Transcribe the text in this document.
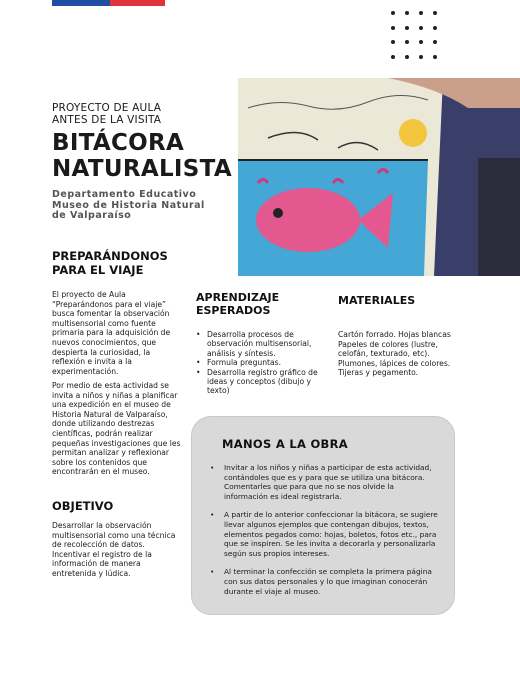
PROYECTO DE AULA
ANTES DE LA VISITA
BITÁCORA
NATURALISTA
Departamento Educativo
Museo de Historia Natural
de Valparaíso
PREPARÁNDONOS
PARA EL VIAJE

El proyecto de Aula “Preparándonos para el viaje” busca fomentar la observación multisensorial como fuente primaria para la adquisición de nuevos conocimientos, que despierta la curiosidad, la reflexión e invita a la experimentación.

Por medio de esta actividad se invita a niños y niñas a planificar una expedición en el museo de Historia Natural de Valparaíso, donde utilizando destrezas científicas, podrán realizar pequeñas investigaciones que les permitan analizar y reflexionar sobre los contenidos que encontrarán en el museo.

OBJETIVO

Desarrollar la observación multisensorial como una técnica de recolección de datos. Incentivar el registro de la información de manera entretenida y lúdica.

APRENDIZAJE
ESPERADOS
• Desarrolla procesos de observación multisensorial, análisis y síntesis.
• Formula preguntas.
• Desarrolla registro gráfico de ideas y conceptos (dibujo y texto)
MATERIALES

Cartón forrado. Hojas blancas Papeles de colores (lustre, celofán, texturado, etc). Plumones, lápices de colores. Tijeras y pegamento.

MANOS A LA OBRA
• Invitar a los niños y niñas a participar de esta actividad, contándoles que es y para que se utiliza una bitácora. Comentarles que para que no se nos olvide la información es ideal registrarla.
• A partir de lo anterior confeccionar la bitácora, se sugiere llevar algunos ejemplos que contengan dibujos, textos, elementos pegados como: hojas, boletos, fotos etc., para que se inspiren. Se les invita a decorarla y personalizarla según sus propios intereses.
• Al terminar la confección se completa la primera página con sus datos personales y lo que imaginan conocerán durante el viaje al museo.
